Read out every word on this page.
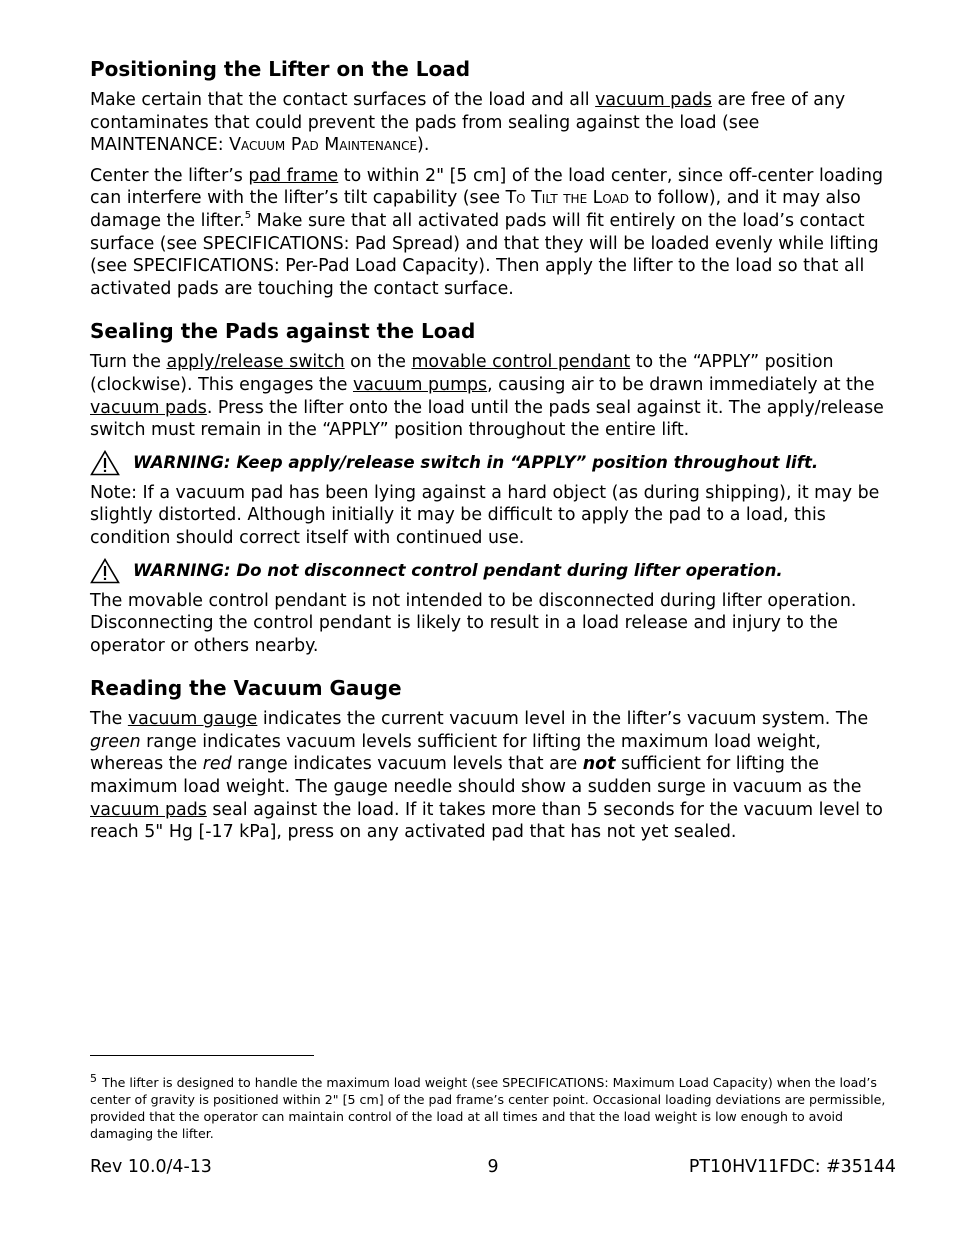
Positioning the Lifter on the Load

Make certain that the contact surfaces of the load and all vacuum pads are free of any contaminates that could prevent the pads from sealing against the load (see MAINTENANCE: Vacuum Pad Maintenance).

Center the lifter’s pad frame to within 2" [5 cm] of the load center, since off-center loading can interfere with the lifter’s tilt capability (see To Tilt the Load to follow), and it may also damage the lifter.$^5$ Make sure that all activated pads will fit entirely on the load’s contact surface (see SPECIFICATIONS: Pad Spread) and that they will be loaded evenly while lifting (see SPECIFICATIONS: Per-Pad Load Capacity). Then apply the lifter to the load so that all activated pads are touching the contact surface.

Sealing the Pads against the Load

Turn the apply/release switch on the movable control pendant to the “APPLY” position (clockwise). This engages the vacuum pumps, causing air to be drawn immediately at the vacuum pads. Press the lifter onto the load until the pads seal against it. The apply/release switch must remain in the “APPLY” position throughout the entire lift.

WARNING: Keep apply/release switch in “APPLY” position throughout lift.

Note: If a vacuum pad has been lying against a hard object (as during shipping), it may be slightly distorted. Although initially it may be difficult to apply the pad to a load, this condition should correct itself with continued use.

WARNING: Do not disconnect control pendant during lifter operation.

The movable control pendant is not intended to be disconnected during lifter operation. Disconnecting the control pendant is likely to result in a load release and injury to the operator or others nearby.

Reading the Vacuum Gauge

The vacuum gauge indicates the current vacuum level in the lifter’s vacuum system. The green range indicates vacuum levels sufficient for lifting the maximum load weight, whereas the red range indicates vacuum levels that are not sufficient for lifting the maximum load weight. The gauge needle should show a sudden surge in vacuum as the vacuum pads seal against the load. If it takes more than 5 seconds for the vacuum level to reach 5" Hg [-17 kPa], press on any activated pad that has not yet sealed.

5 The lifter is designed to handle the maximum load weight (see SPECIFICATIONS: Maximum Load Capacity) when the load’s center of gravity is positioned within 2" [5 cm] of the pad frame’s center point. Occasional loading deviations are permissible, provided that the operator can maintain control of the load at all times and that the load weight is low enough to avoid damaging the lifter.
Rev 10.0/4-13	9	PT10HV11FDC: #35144
